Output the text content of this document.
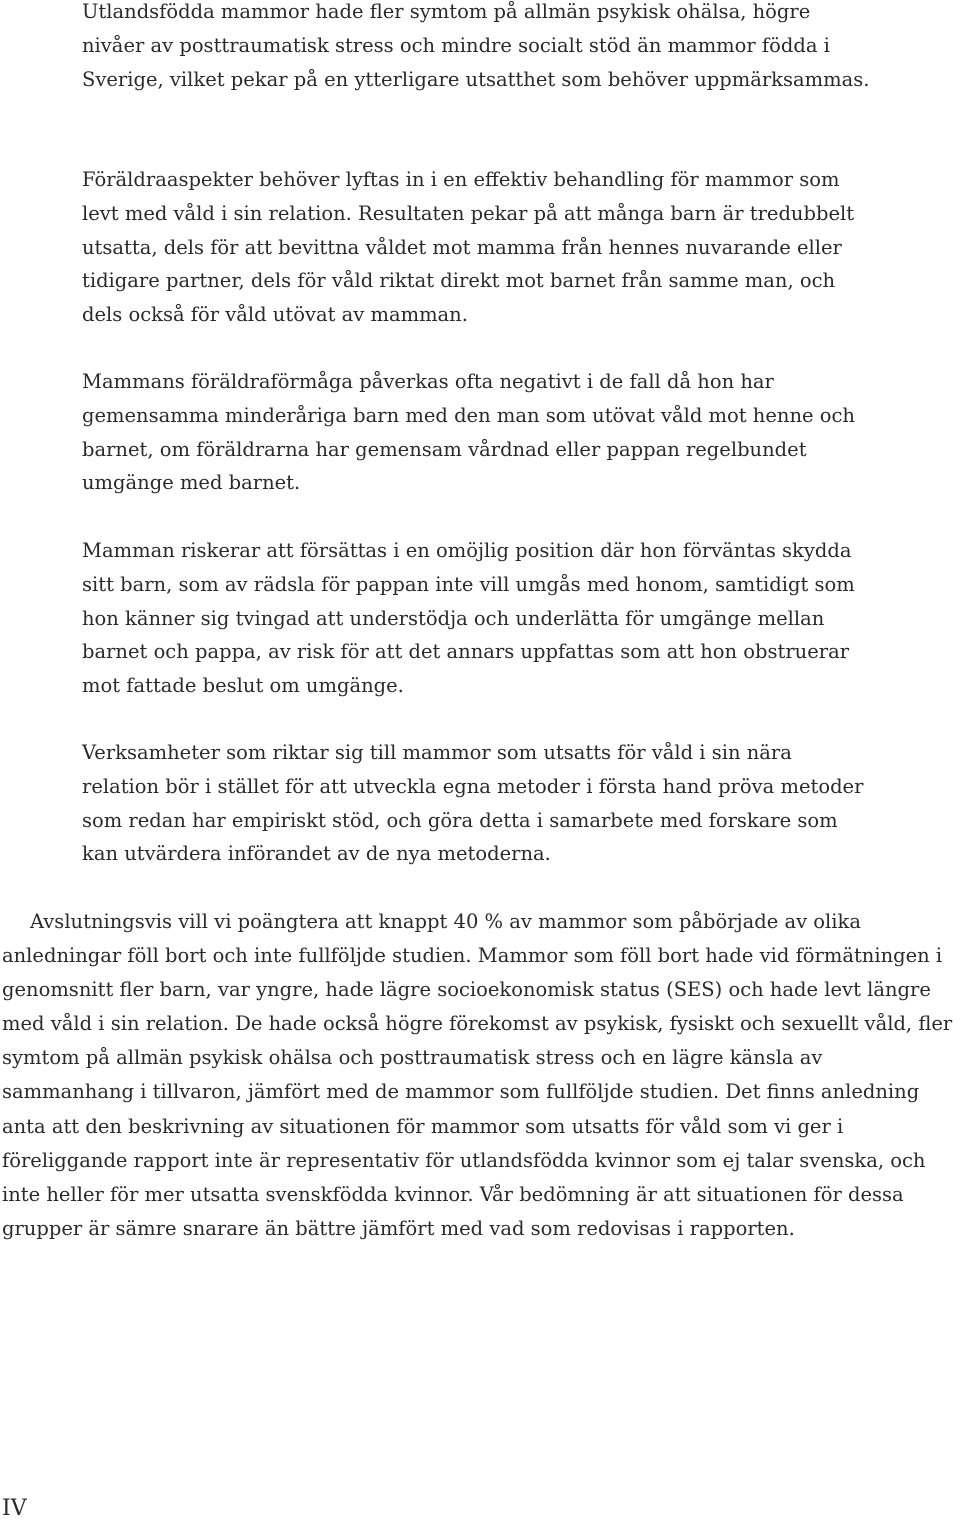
Utlandsfödda mammor hade fler symtom på allmän psykisk ohälsa, högre nivåer av posttraumatisk stress och mindre socialt stöd än mammor födda i Sverige, vilket pekar på en ytterligare utsatthet som behöver uppmärksammas.

Föräldraaspekter behöver lyftas in i en effektiv behandling för mammor som levt med våld i sin relation. Resultaten pekar på att många barn är tredubbelt utsatta, dels för att bevittna våldet mot mamma från hennes nuvarande eller tidigare partner, dels för våld riktat direkt mot barnet från samme man, och dels också för våld utövat av mamman.

Mammans föräldraförmåga påverkas ofta negativt i de fall då hon har gemensamma minderåriga barn med den man som utövat våld mot henne och barnet, om föräldrarna har gemensam vårdnad eller pappan regelbundet umgänge med barnet.

Mamman riskerar att försättas i en omöjlig position där hon förväntas skydda sitt barn, som av rädsla för pappan inte vill umgås med honom, samtidigt som hon känner sig tvingad att understödja och underlätta för umgänge mellan barnet och pappa, av risk för att det annars uppfattas som att hon obstruerar mot fattade beslut om umgänge.

Verksamheter som riktar sig till mammor som utsatts för våld i sin nära relation bör i stället för att utveckla egna metoder i första hand pröva metoder som redan har empiriskt stöd, och göra detta i samarbete med forskare som kan utvärdera införandet av de nya metoderna.

Avslutningsvis vill vi poängtera att knappt 40 % av mammor som påbörjade av olika anledningar föll bort och inte fullföljde studien. Mammor som föll bort hade vid förmätningen i genomsnitt fler barn, var yngre, hade lägre socioekonomisk status (SES) och hade levt längre med våld i sin relation. De hade också högre förekomst av psykisk, fysiskt och sexuellt våld, fler symtom på allmän psykisk ohälsa och posttraumatisk stress och en lägre känsla av sammanhang i tillvaron, jämfört med de mammor som fullföljde studien. Det finns anledning anta att den beskrivning av situationen för mammor som utsatts för våld som vi ger i föreliggande rapport inte är representativ för utlandsfödda kvinnor som ej talar svenska, och inte heller för mer utsatta svenskfödda kvinnor. Vår bedömning är att situationen för dessa grupper är sämre snarare än bättre jämfört med vad som redovisas i rapporten.

IV
